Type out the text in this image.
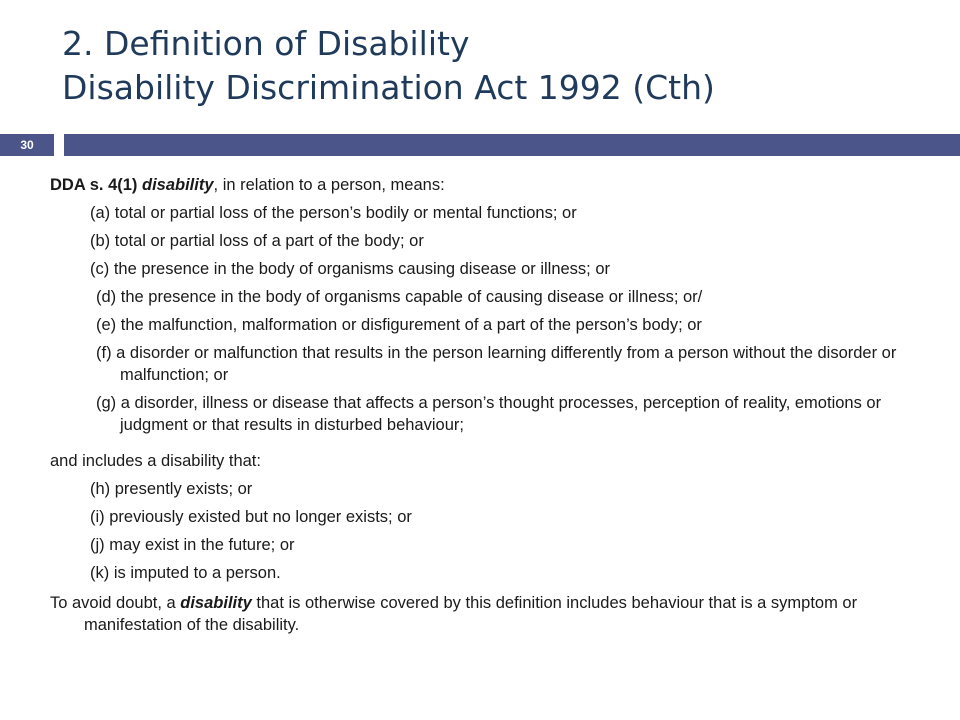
2. Definition of Disability
Disability Discrimination Act 1992 (Cth)
30
DDA s. 4(1) disability, in relation to a person, means:
(a) total or partial loss of the person’s bodily or mental functions; or
(b) total or partial loss of a part of the body; or
(c) the presence in the body of organisms causing disease or illness; or
(d) the presence in the body of organisms capable of causing disease or illness; or/
(e) the malfunction, malformation or disfigurement of a part of the person’s body; or
(f) a disorder or malfunction that results in the person learning differently from a person without the disorder or malfunction; or
(g) a disorder, illness or disease that affects a person’s thought processes, perception of reality, emotions or judgment or that results in disturbed behaviour;
and includes a disability that:
(h) presently exists; or
(i) previously existed but no longer exists; or
(j) may exist in the future; or
(k) is imputed to a person.
To avoid doubt, a disability that is otherwise covered by this definition includes behaviour that is a symptom or manifestation of the disability.
